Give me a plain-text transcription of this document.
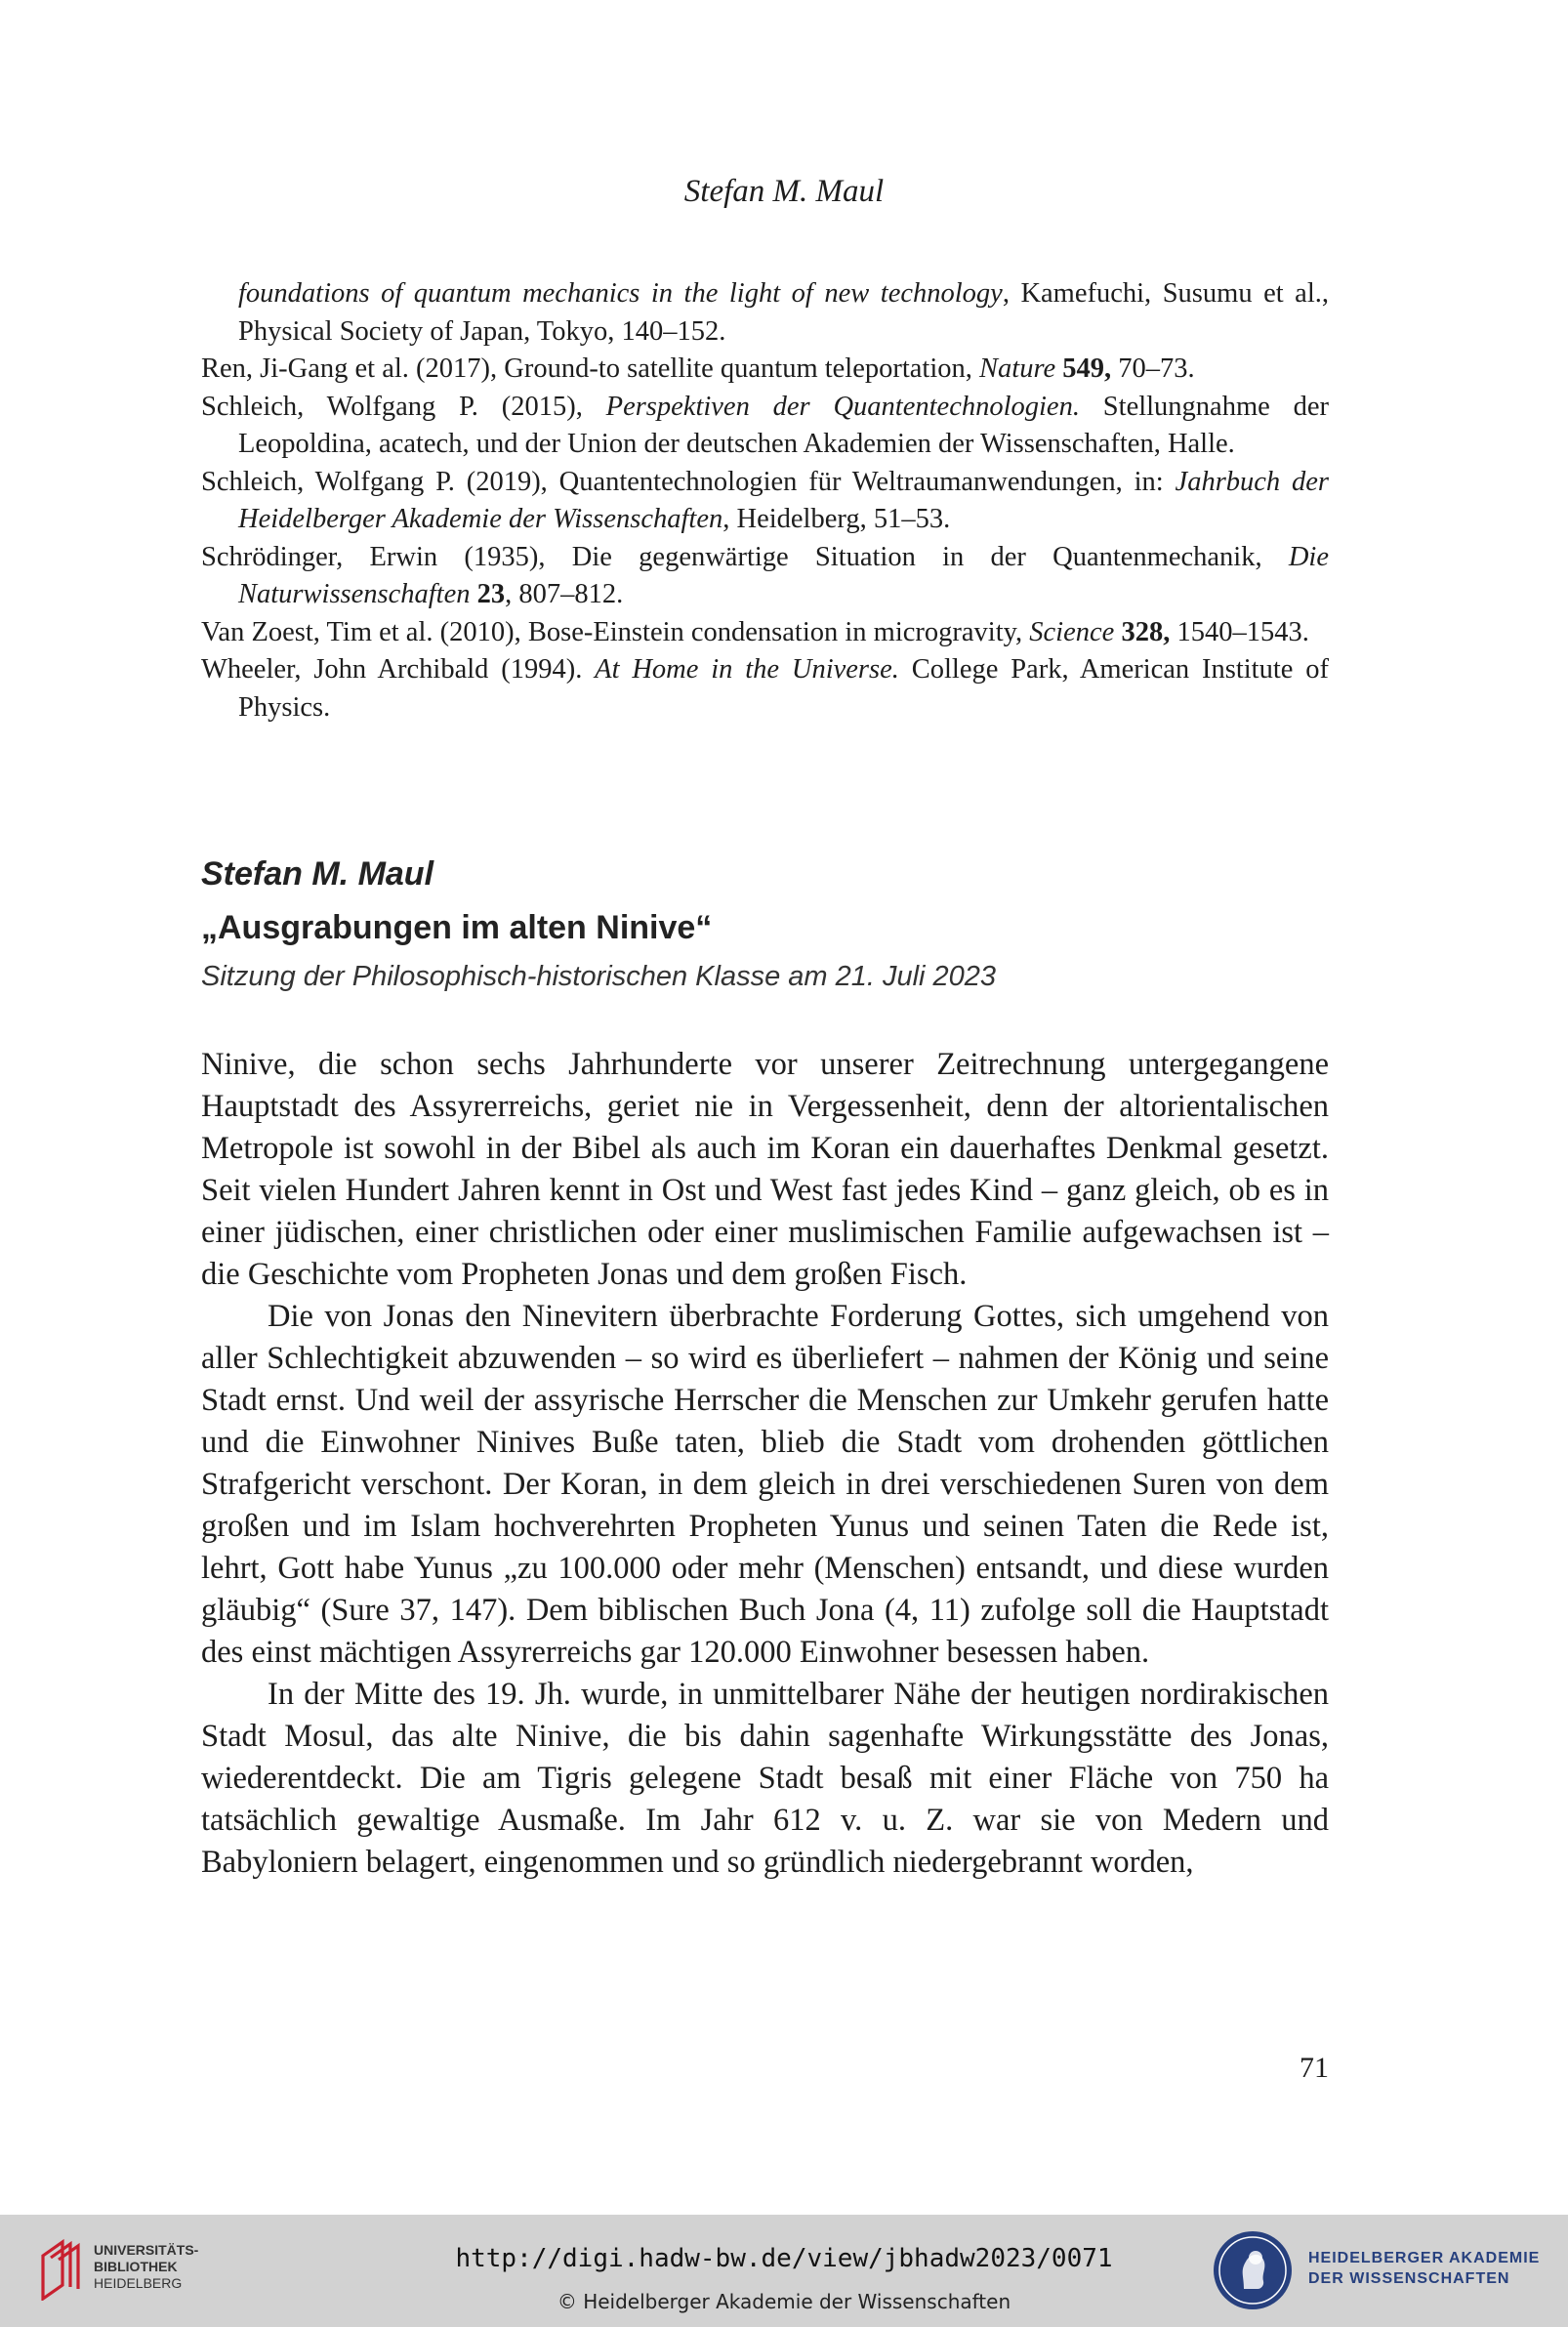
Stefan M. Maul
foundations of quantum mechanics in the light of new technology, Kamefuchi, Susumu et al., Physical Society of Japan, Tokyo, 140–152.
Ren, Ji-Gang et al. (2017), Ground-to satellite quantum teleportation, Nature 549, 70–73.
Schleich, Wolfgang P. (2015), Perspektiven der Quantentechnologien. Stellungnahme der Leopoldina, acatech, und der Union der deutschen Akademien der Wissenschaften, Halle.
Schleich, Wolfgang P. (2019), Quantentechnologien für Weltraumanwendungen, in: Jahrbuch der Heidelberger Akademie der Wissenschaften, Heidelberg, 51–53.
Schrödinger, Erwin (1935), Die gegenwärtige Situation in der Quantenmechanik, Die Naturwissenschaften 23, 807–812.
Van Zoest, Tim et al. (2010), Bose-Einstein condensation in microgravity, Science 328, 1540–1543.
Wheeler, John Archibald (1994). At Home in the Universe. College Park, American Institute of Physics.
Stefan M. Maul
„Ausgrabungen im alten Ninive“
Sitzung der Philosophisch-historischen Klasse am 21. Juli 2023

Ninive, die schon sechs Jahrhunderte vor unserer Zeitrechnung untergegangene Hauptstadt des Assyrerreichs, geriet nie in Vergessenheit, denn der altorientalischen Metropole ist sowohl in der Bibel als auch im Koran ein dauerhaftes Denkmal gesetzt. Seit vielen Hundert Jahren kennt in Ost und West fast jedes Kind – ganz gleich, ob es in einer jüdischen, einer christlichen oder einer muslimischen Familie aufgewachsen ist – die Geschichte vom Propheten Jonas und dem großen Fisch.

Die von Jonas den Ninevitern überbrachte Forderung Gottes, sich umgehend von aller Schlechtigkeit abzuwenden – so wird es überliefert – nahmen der König und seine Stadt ernst. Und weil der assyrische Herrscher die Menschen zur Umkehr gerufen hatte und die Einwohner Ninives Buße taten, blieb die Stadt vom drohenden göttlichen Strafgericht verschont. Der Koran, in dem gleich in drei verschiedenen Suren von dem großen und im Islam hochverehrten Propheten Yunus und seinen Taten die Rede ist, lehrt, Gott habe Yunus „zu 100.000 oder mehr (Menschen) entsandt, und diese wurden gläubig“ (Sure 37, 147). Dem biblischen Buch Jona (4, 11) zufolge soll die Hauptstadt des einst mächtigen Assyrerreichs gar 120.000 Einwohner besessen haben.

In der Mitte des 19. Jh. wurde, in unmittelbarer Nähe der heutigen nordirakischen Stadt Mosul, das alte Ninive, die bis dahin sagenhafte Wirkungsstätte des Jonas, wiederentdeckt. Die am Tigris gelegene Stadt besaß mit einer Fläche von 750 ha tatsächlich gewaltige Ausmaße. Im Jahr 612 v. u. Z. war sie von Medern und Babyloniern belagert, eingenommen und so gründlich niedergebrannt worden,

71
UNIVERSITÄTS-
BIBLIOTHEK
HEIDELBERG
http://digi.hadw-bw.de/view/jbhadw2023/0071
© Heidelberger Akademie der Wissenschaften
HEIDELBERGER AKADEMIE
DER WISSENSCHAFTEN
